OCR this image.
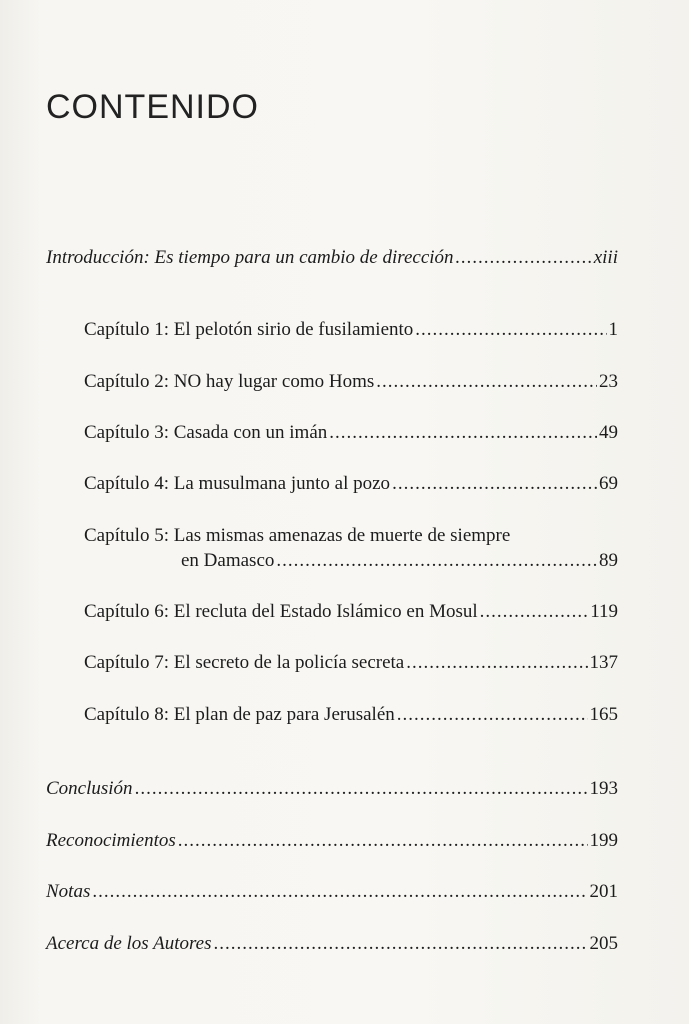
CONTENIDO
Introducción: Es tiempo para un cambio de dirección .....	xiii
Capítulo 1: El pelotón sirio de fusilamiento .....	1
Capítulo 2: NO hay lugar como Homs .....	23
Capítulo 3: Casada con un imán .....	49
Capítulo 4: La musulmana junto al pozo .....	69
Capítulo 5: Las mismas amenazas de muerte de siempre
en Damasco .....	89
Capítulo 6: El recluta del Estado Islámico en Mosul .....	119
Capítulo 7: El secreto de la policía secreta .....	137
Capítulo 8: El plan de paz para Jerusalén .....	165
Conclusión .....	193
Reconocimientos .....	199
Notas .....	201
Acerca de los Autores .....	205
